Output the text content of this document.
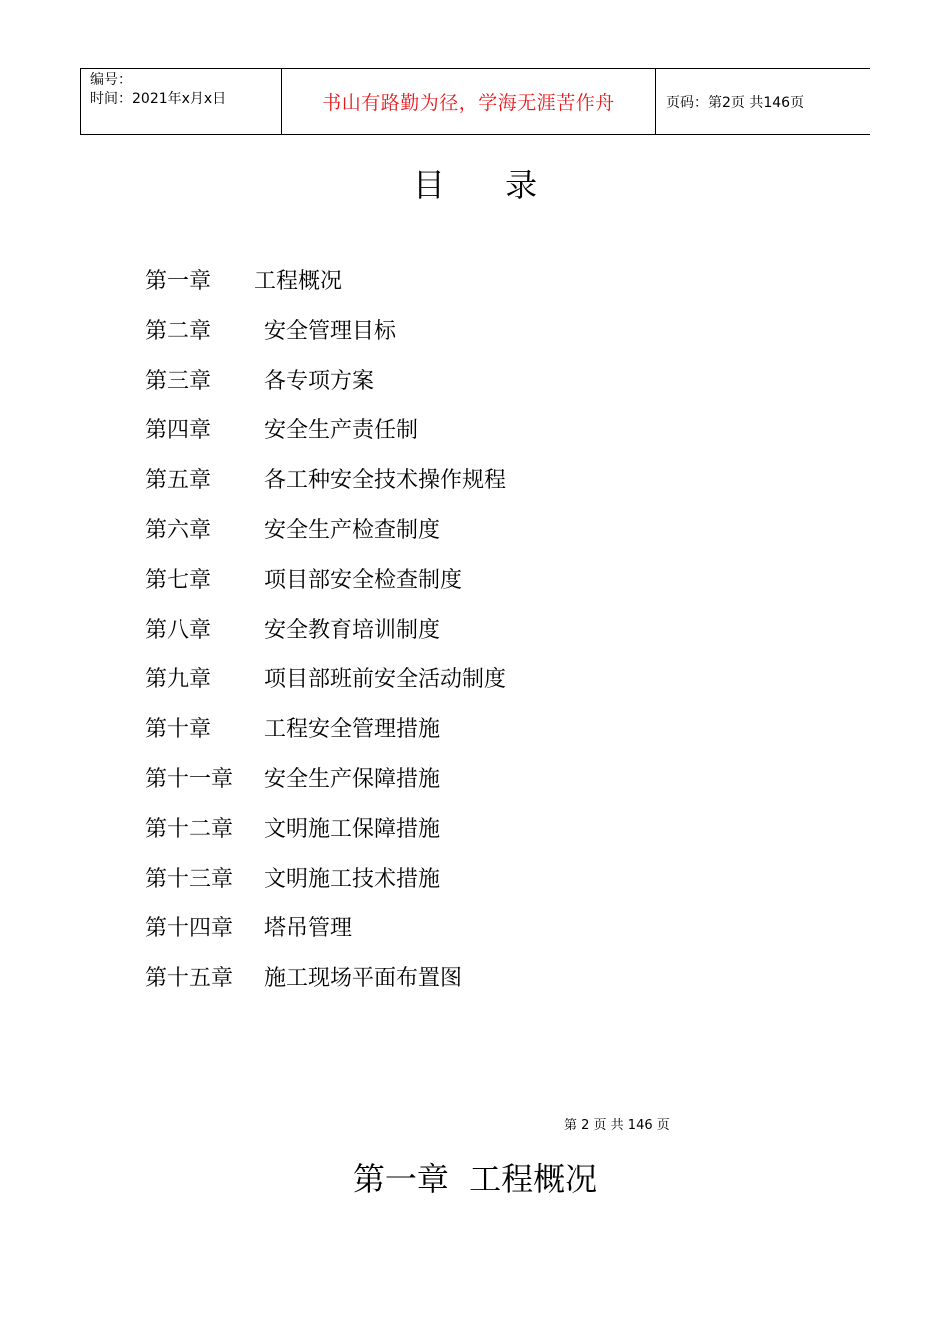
编号：
时间：2021年x月x日	书山有路勤为径，学海无涯苦作舟	页码：第2页 共146页
目 录
第一章 工程概况
第二章 安全管理目标
第三章 各专项方案
第四章 安全生产责任制
第五章 各工种安全技术操作规程
第六章 安全生产检查制度
第七章 项目部安全检查制度
第八章 安全教育培训制度
第九章 项目部班前安全活动制度
第十章 工程安全管理措施
第十一章 安全生产保障措施
第十二章 文明施工保障措施
第十三章 文明施工技术措施
第十四章 塔吊管理
第十五章 施工现场平面布置图
第 2 页 共 146 页
第一章  工程概况
